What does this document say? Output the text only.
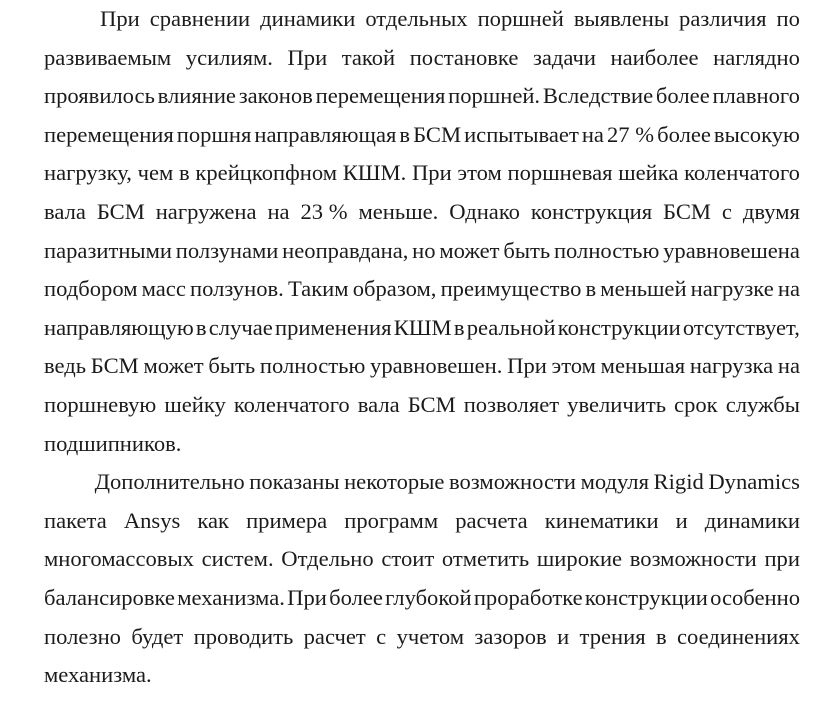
При сравнении динамики отдельных поршней выявлены различия по
развиваемым усилиям. При такой постановке задачи наиболее наглядно
проявилось влияние законов перемещения поршней. Вследствие более плавного
перемещения поршня направляющая в БСМ испытывает на 27 % более высокую
нагрузку, чем в крейцкопфном КШМ. При этом поршневая шейка коленчатого
вала БСМ нагружена на 23 % меньше. Однако конструкция БСМ с двумя
паразитными ползунами неоправдана, но может быть полностью уравновешена
подбором масс ползунов. Таким образом, преимущество в меньшей нагрузке на
направляющую в случае применения КШМ в реальной конструкции отсутствует,
ведь БСМ может быть полностью уравновешен. При этом меньшая нагрузка на
поршневую шейку коленчатого вала БСМ позволяет увеличить срок службы
подшипников.
Дополнительно показаны некоторые возможности модуля Rigid Dynamics
пакета Ansys как примера программ расчета кинематики и динамики
многомассовых систем. Отдельно стоит отметить широкие возможности при
балансировке механизма. При более глубокой проработке конструкции особенно
полезно будет проводить расчет с учетом зазоров и трения в соединениях
механизма.
